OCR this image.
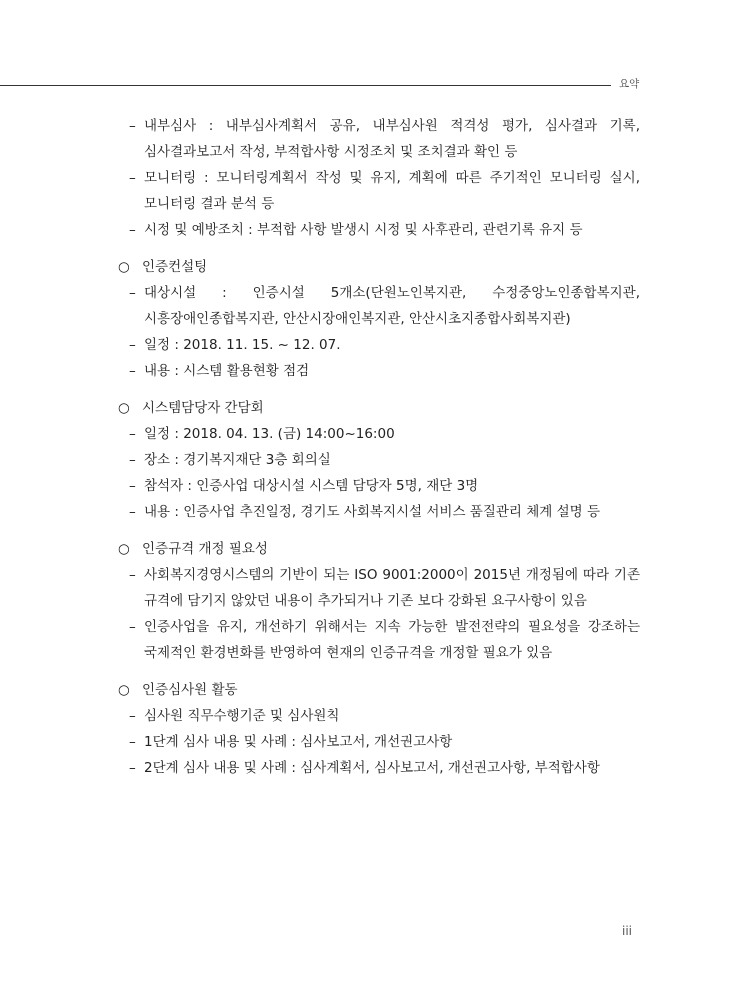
요약
– 내부심사 : 내부심사계획서 공유, 내부심사원 적격성 평가, 심사결과 기록, 심사결과보고서 작성, 부적합사항 시정조치 및 조치결과 확인 등
– 모니터링 : 모니터링계획서 작성 및 유지, 계획에 따른 주기적인 모니터링 실시, 모니터링 결과 분석 등
– 시정 및 예방조치 : 부적합 사항 발생시 시정 및 사후관리, 관련기록 유지 등
○ 인증컨설팅
– 대상시설 : 인증시설 5개소(단원노인복지관, 수정중앙노인종합복지관, 시흥장애인종합복지관, 안산시장애인복지관, 안산시초지종합사회복지관)
– 일정 : 2018. 11. 15. ~ 12. 07.
– 내용 : 시스템 활용현황 점검
○ 시스템담당자 간담회
– 일정 : 2018. 04. 13. (금) 14:00~16:00
– 장소 : 경기복지재단 3층 회의실
– 참석자 : 인증사업 대상시설 시스템 담당자 5명, 재단 3명
– 내용 : 인증사업 추진일정, 경기도 사회복지시설 서비스 품질관리 체계 설명 등
○ 인증규격 개정 필요성
– 사회복지경영시스템의 기반이 되는 ISO 9001:2000이 2015년 개정됨에 따라 기존 규격에 담기지 않았던 내용이 추가되거나 기존 보다 강화된 요구사항이 있음
– 인증사업을 유지, 개선하기 위해서는 지속 가능한 발전전략의 필요성을 강조하는 국제적인 환경변화를 반영하여 현재의 인증규격을 개정할 필요가 있음
○ 인증심사원 활동
– 심사원 직무수행기준 및 심사원칙
– 1단계 심사 내용 및 사례 : 심사보고서, 개선권고사항
– 2단계 심사 내용 및 사례 : 심사계획서, 심사보고서, 개선권고사항, 부적합사항
iii
